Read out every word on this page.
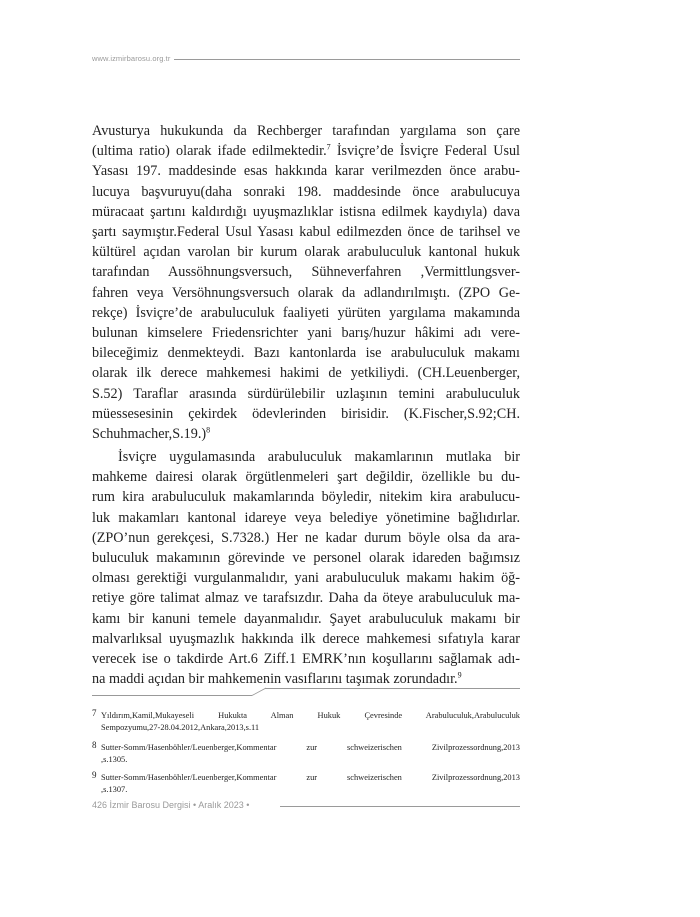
www.izmirbarosu.org.tr
Avusturya hukukunda da Rechberger tarafından yargılama son çare
(ultima ratio) olarak ifade edilmektedir.$^7$ İsviçre’de İsviçre Federal Usul
Yasası 197. maddesinde esas hakkında karar verilmezden önce arabu-
lucuya başvuruyu(daha sonraki 198. maddesinde önce arabulucuya
müracaat şartını kaldırdığı uyuşmazlıklar istisna edilmek kaydıyla) dava
şartı saymıştır.Federal Usul Yasası kabul edilmezden önce de tarihsel ve
kültürel açıdan varolan bir kurum olarak arabuluculuk kantonal hukuk
tarafından Aussöhnungsversuch, Sühneverfahren ,Vermittlungsver-
fahren veya Versöhnungsversuch olarak da adlandırılmıştı. (ZPO Ge-
rekçe) İsviçre’de arabuluculuk faaliyeti yürüten yargılama makamında
bulunan kimselere Friedensrichter yani barış/huzur hâkimi adı vere-
bileceğimiz denmekteydi. Bazı kantonlarda ise arabuluculuk makamı
olarak ilk derece mahkemesi hakimi de yetkiliydi. (CH.Leuenberger,
S.52) Taraflar arasında sürdürülebilir uzlaşının temini arabuluculuk
müessesesinin çekirdek ödevlerinden birisidir. (K.Fischer,S.92;CH.
Schuhmacher,S.19.)$^8$
İsviçre uygulamasında arabuluculuk makamlarının mutlaka bir
mahkeme dairesi olarak örgütlenmeleri şart değildir, özellikle bu du-
rum kira arabuluculuk makamlarında böyledir, nitekim kira arabulucu-
luk makamları kantonal idareye veya belediye yönetimine bağlıdırlar.
(ZPO’nun gerekçesi, S.7328.) Her ne kadar durum böyle olsa da ara-
buluculuk makamının görevinde ve personel olarak idareden bağımsız
olması gerektiği vurgulanmalıdır, yani arabuluculuk makamı hakim öğ-
retiye göre talimat almaz ve tarafsızdır. Daha da öteye arabuluculuk ma-
kamı bir kanuni temele dayanmalıdır. Şayet arabuluculuk makamı bir
malvarlıksal uyuşmazlık hakkında ilk derece mahkemesi sıfatıyla karar
verecek ise o takdirde Art.6 Ziff.1 EMRK’nın koşullarını sağlamak adı-
na maddi açıdan bir mahkemenin vasıflarını taşımak zorundadır.$^9$
7 Yıldırım,Kamil,Mukayeseli Hukukta Alman Hukuk Çevresinde Arabuluculuk,Arabuluculuk
Sempozyumu,27-28.04.2012,Ankara,2013,s.11
8 Sutter-Somm/Hasenböhler/Leuenberger,Kommentar zur schweizerischen Zivilprozessordnung,2013
,s.1305.
9 Sutter-Somm/Hasenböhler/Leuenberger,Kommentar zur schweizerischen Zivilprozessordnung,2013
,s.1307.
426 İzmir Barosu Dergisi • Aralık 2023 •
